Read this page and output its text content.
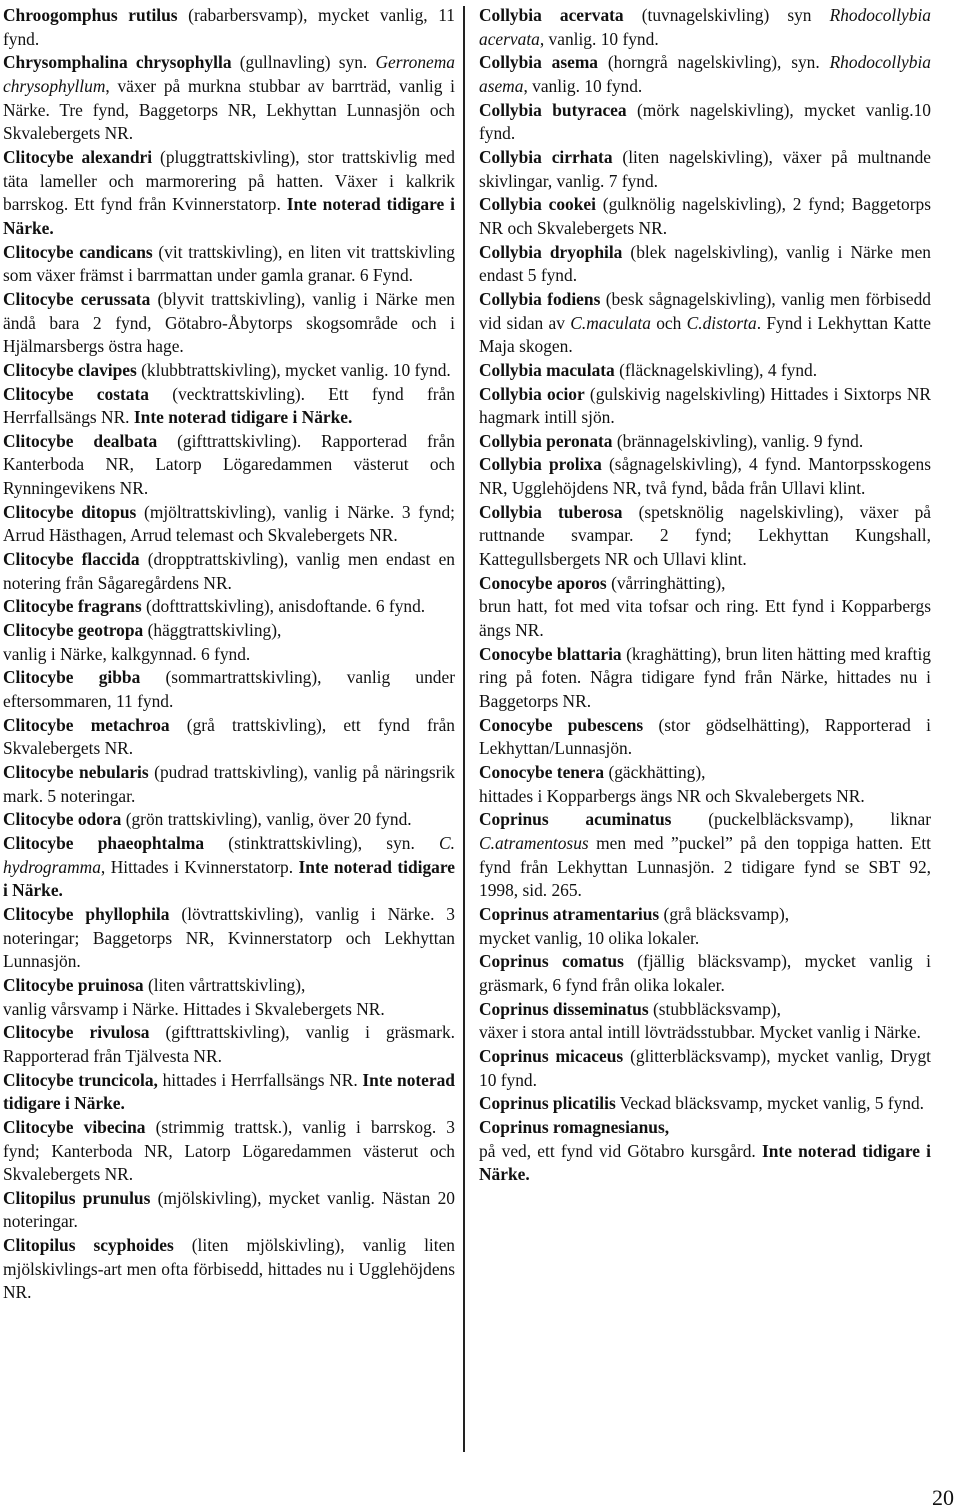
Chroogomphus rutilus (rabarbersvamp), mycket vanlig, 11 fynd.

Chrysomphalina chrysophylla (gullnavling) syn. Gerronema chrysophyllum, växer på murkna stubbar av barrträd, vanlig i Närke. Tre fynd, Baggetorps NR, Lekhyttan Lunnasjön och Skvalebergets NR.

Clitocybe alexandri (pluggtrattskivling), stor trattskivlig med täta lameller och marmorering på hatten. Växer i kalkrik barrskog. Ett fynd från Kvinnerstatorp. Inte noterad tidigare i Närke.

Clitocybe candicans (vit trattskivling), en liten vit trattskivling som växer främst i barrmattan under gamla granar. 6 Fynd.

Clitocybe cerussata (blyvit trattskivling), vanlig i Närke men ändå bara 2 fynd, Götabro-Åbytorps skogsområde och i Hjälmarsbergs östra hage.

Clitocybe clavipes (klubbtrattskivling), mycket vanlig. 10 fynd.

Clitocybe costata (vecktrattskivling). Ett fynd från Herrfallsängs NR. Inte noterad tidigare i Närke.

Clitocybe dealbata (gifttrattskivling). Rapporterad från Kanterboda NR, Latorp Lögaredammen västerut och Rynningevikens NR.

Clitocybe ditopus (mjöltrattskivling), vanlig i Närke. 3 fynd; Arrud Hästhagen, Arrud telemast och Skvalebergets NR.

Clitocybe flaccida (dropptrattskivling), vanlig men endast en notering från Sågaregårdens NR.

Clitocybe fragrans (dofttrattskivling), anisdoftande. 6 fynd.

Clitocybe geotropa (häggtrattskivling),
vanlig i Närke, kalkgynnad. 6 fynd.

Clitocybe gibba (sommartrattskivling), vanlig under eftersommaren, 11 fynd.

Clitocybe metachroa (grå trattskivling), ett fynd från Skvalebergets NR.

Clitocybe nebularis (pudrad trattskivling), vanlig på näringsrik mark. 5 noteringar.

Clitocybe odora (grön trattskivling), vanlig, över 20 fynd.

Clitocybe phaeophtalma (stinktrattskivling), syn. C. hydrogramma, Hittades i Kvinnerstatorp. Inte noterad tidigare i Närke.

Clitocybe phyllophila (lövtrattskivling), vanlig i Närke. 3 noteringar; Baggetorps NR, Kvinnerstatorp och Lekhyttan Lunnasjön.

Clitocybe pruinosa (liten vårtrattskivling),
vanlig vårsvamp i Närke. Hittades i Skvalebergets NR.

Clitocybe rivulosa (gifttrattskivling), vanlig i gräsmark. Rapporterad från Tjälvesta NR.

Clitocybe truncicola, hittades i Herrfallsängs NR. Inte noterad tidigare i Närke.

Clitocybe vibecina (strimmig trattsk.), vanlig i barrskog. 3 fynd; Kanterboda NR, Latorp Lögaredammen västerut och Skvalebergets NR.

Clitopilus prunulus (mjölskivling), mycket vanlig. Nästan 20 noteringar.

Clitopilus scyphoides (liten mjölskivling), vanlig liten mjölskivlings-art men ofta förbisedd, hittades nu i Ugglehöjdens NR.

Collybia acervata (tuvnagelskivling) syn Rhodocollybia acervata, vanlig. 10 fynd.

Collybia asema (horngrå nagelskivling), syn. Rhodocollybia asema, vanlig. 10 fynd.

Collybia butyracea (mörk nagelskivling), mycket vanlig.10 fynd.

Collybia cirrhata (liten nagelskivling), växer på multnande skivlingar, vanlig. 7 fynd.

Collybia cookei (gulknölig nagelskivling), 2 fynd; Baggetorps NR och Skvalebergets NR.

Collybia dryophila (blek nagelskivling), vanlig i Närke men endast 5 fynd.

Collybia fodiens (besk sågnagelskivling), vanlig men förbisedd vid sidan av C.maculata och C.distorta. Fynd i Lekhyttan Katte Maja skogen.

Collybia maculata (fläcknagelskivling), 4 fynd.

Collybia ocior (gulskivig nagelskivling) Hittades i Sixtorps NR hagmark intill sjön.

Collybia peronata (brännagelskivling), vanlig. 9 fynd.

Collybia prolixa (sågnagelskivling), 4 fynd. Mantorpsskogens NR, Ugglehöjdens NR, två fynd, båda från Ullavi klint.

Collybia tuberosa (spetsknölig nagelskivling), växer på ruttnande svampar. 2 fynd; Lekhyttan Kungshall, Kattegullsbergets NR och Ullavi klint.

Conocybe aporos (vårringhätting),
brun hatt, fot med vita tofsar och ring. Ett fynd i Kopparbergs ängs NR.

Conocybe blattaria (kraghätting), brun liten hätting med kraftig ring på foten. Några tidigare fynd från Närke, hittades nu i Baggetorps NR.

Conocybe pubescens (stor gödselhätting), Rapporterad i Lekhyttan/Lunnasjön.

Conocybe tenera (gäckhätting),
hittades i Kopparbergs ängs NR och Skvalebergets NR.

Coprinus acuminatus (puckelbläcksvamp), liknar C.atramentosus men med ”puckel” på den toppiga hatten. Ett fynd från Lekhyttan Lunnasjön. 2 tidigare fynd se SBT 92, 1998, sid. 265.

Coprinus atramentarius (grå bläcksvamp),
mycket vanlig, 10 olika lokaler.

Coprinus comatus (fjällig bläcksvamp), mycket vanlig i gräsmark, 6 fynd från olika lokaler.

Coprinus disseminatus (stubbläcksvamp),
växer i stora antal intill lövträdsstubbar. Mycket vanlig i Närke.

Coprinus micaceus (glitterbläcksvamp), mycket vanlig, Drygt 10 fynd.

Coprinus plicatilis Veckad bläcksvamp, mycket vanlig, 5 fynd.

Coprinus romagnesianus,
på ved, ett fynd vid Götabro kursgård. Inte noterad tidigare i Närke.

20
